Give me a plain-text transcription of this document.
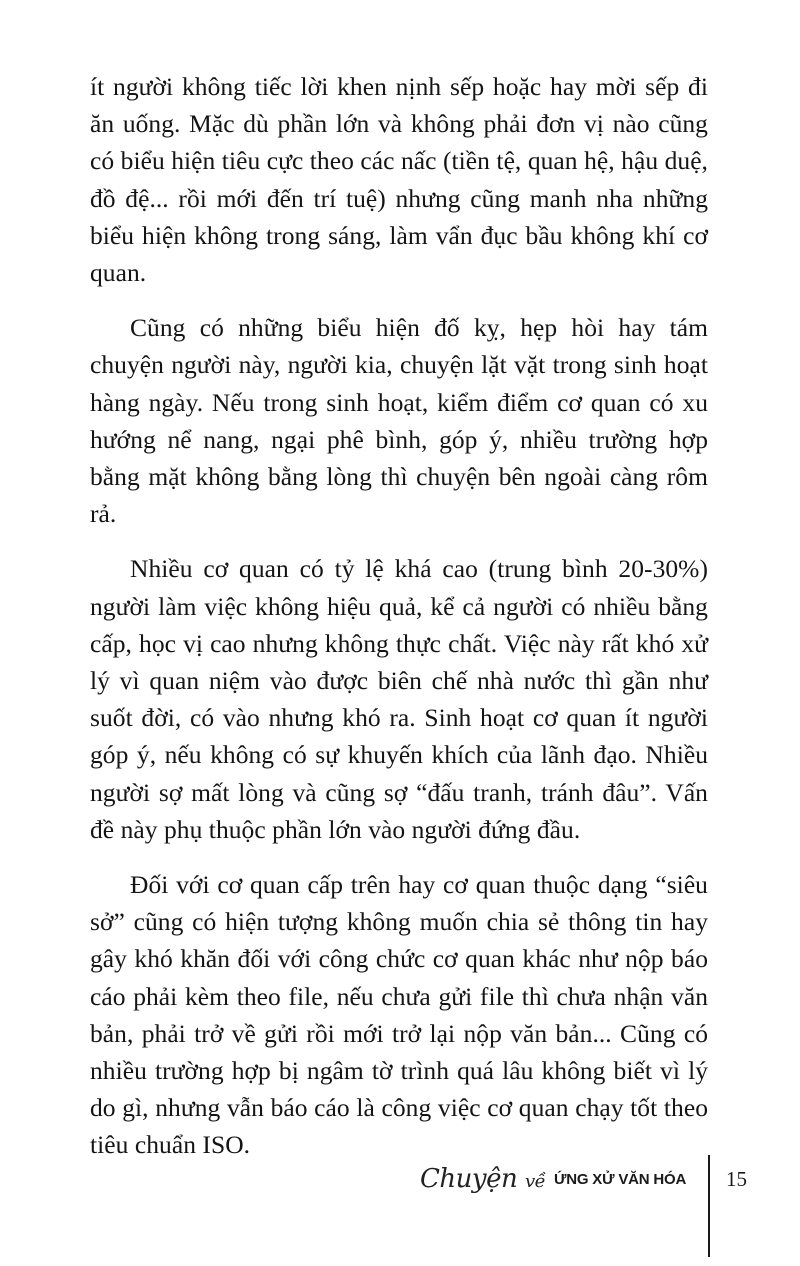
ít người không tiếc lời khen nịnh sếp hoặc hay mời sếp đi ăn uống. Mặc dù phần lớn và không phải đơn vị nào cũng có biểu hiện tiêu cực theo các nấc (tiền tệ, quan hệ, hậu duệ, đồ đệ... rồi mới đến trí tuệ) nhưng cũng manh nha những biểu hiện không trong sáng, làm vẩn đục bầu không khí cơ quan.

Cũng có những biểu hiện đố kỵ, hẹp hòi hay tám chuyện người này, người kia, chuyện lặt vặt trong sinh hoạt hàng ngày. Nếu trong sinh hoạt, kiểm điểm cơ quan có xu hướng nể nang, ngại phê bình, góp ý, nhiều trường hợp bằng mặt không bằng lòng thì chuyện bên ngoài càng rôm rả.

Nhiều cơ quan có tỷ lệ khá cao (trung bình 20-30%) người làm việc không hiệu quả, kể cả người có nhiều bằng cấp, học vị cao nhưng không thực chất. Việc này rất khó xử lý vì quan niệm vào được biên chế nhà nước thì gần như suốt đời, có vào nhưng khó ra. Sinh hoạt cơ quan ít người góp ý, nếu không có sự khuyến khích của lãnh đạo. Nhiều người sợ mất lòng và cũng sợ “đấu tranh, tránh đâu”. Vấn đề này phụ thuộc phần lớn vào người đứng đầu.

Đối với cơ quan cấp trên hay cơ quan thuộc dạng “siêu sở” cũng có hiện tượng không muốn chia sẻ thông tin hay gây khó khăn đối với công chức cơ quan khác như nộp báo cáo phải kèm theo file, nếu chưa gửi file thì chưa nhận văn bản, phải trở về gửi rồi mới trở lại nộp văn bản... Cũng có nhiều trường hợp bị ngâm tờ trình quá lâu không biết vì lý do gì, nhưng vẫn báo cáo là công việc cơ quan chạy tốt theo tiêu chuẩn ISO.

Chuyện về ỨNG XỬ VĂN HÓA 15
